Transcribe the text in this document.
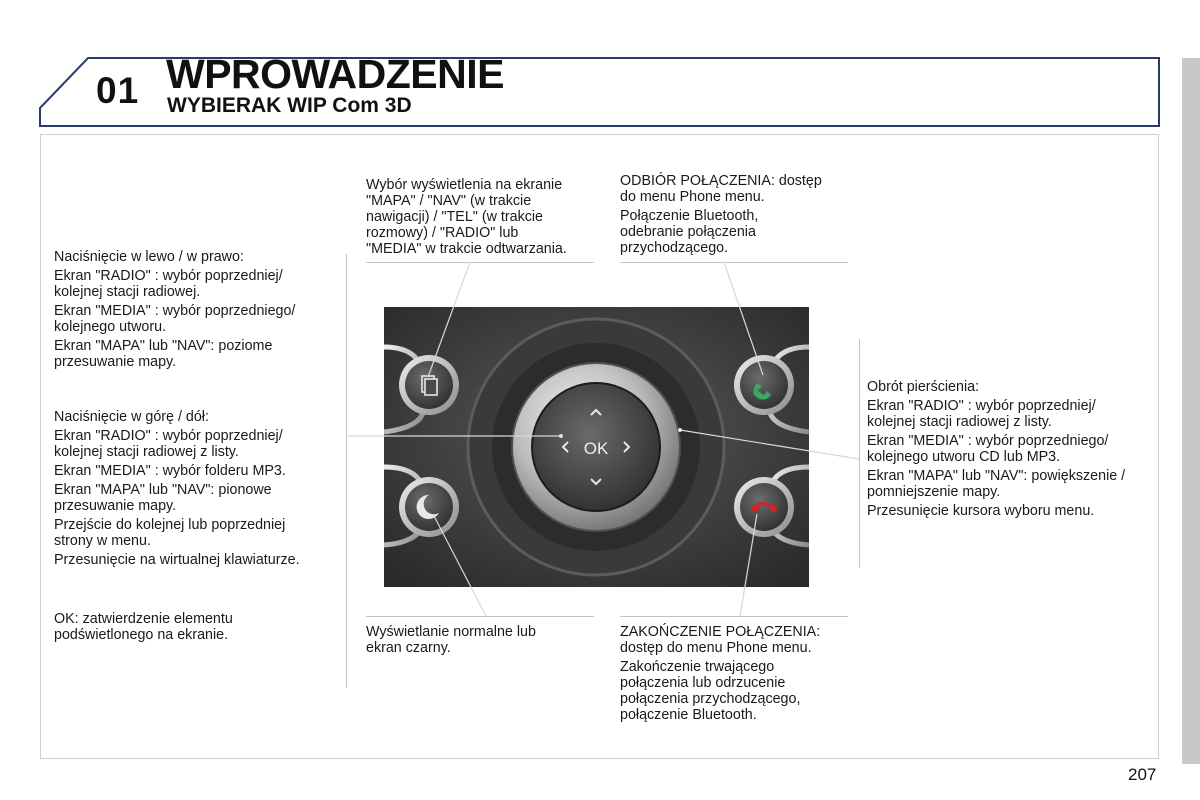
01 WPROWADZENIE
WYBIERAK WIP Com 3D

Naciśnięcie w lewo / w prawo:

Ekran "RADIO" : wybór poprzedniej/
kolejnej stacji radiowej.

Ekran "MEDIA" : wybór poprzedniego/
kolejnego utworu.

Ekran "MAPA" lub "NAV": poziome
przesuwanie mapy.

Naciśnięcie w górę / dół:

Ekran "RADIO" : wybór poprzedniej/
kolejnej stacji radiowej z listy.

Ekran "MEDIA" : wybór folderu MP3.

Ekran "MAPA" lub "NAV": pionowe
przesuwanie mapy.

Przejście do kolejnej lub poprzedniej
strony w menu.

Przesunięcie na wirtualnej klawiaturze.

OK: zatwierdzenie elementu
podświetlonego na ekranie.

Wybór wyświetlenia na ekranie
"MAPA" / "NAV" (w trakcie
nawigacji) / "TEL" (w trakcie
rozmowy) / "RADIO" lub
"MEDIA" w trakcie odtwarzania.

ODBIÓR POŁĄCZENIA: dostęp
do menu Phone menu.

Połączenie Bluetooth,
odebranie połączenia
przychodzącego.

Obrót pierścienia:

Ekran "RADIO" : wybór poprzedniej/
kolejnej stacji radiowej z listy.

Ekran "MEDIA" : wybór poprzedniego/
kolejnego utworu CD lub MP3.

Ekran "MAPA" lub "NAV": powiększenie /
pomniejszenie mapy.

Przesunięcie kursora wyboru menu.

Wyświetlanie normalne lub
ekran czarny.

ZAKOŃCZENIE POŁĄCZENIA:
dostęp do menu Phone menu.

Zakończenie trwającego
połączenia lub odrzucenie
połączenia przychodzącego,
połączenie Bluetooth.

OK
207
